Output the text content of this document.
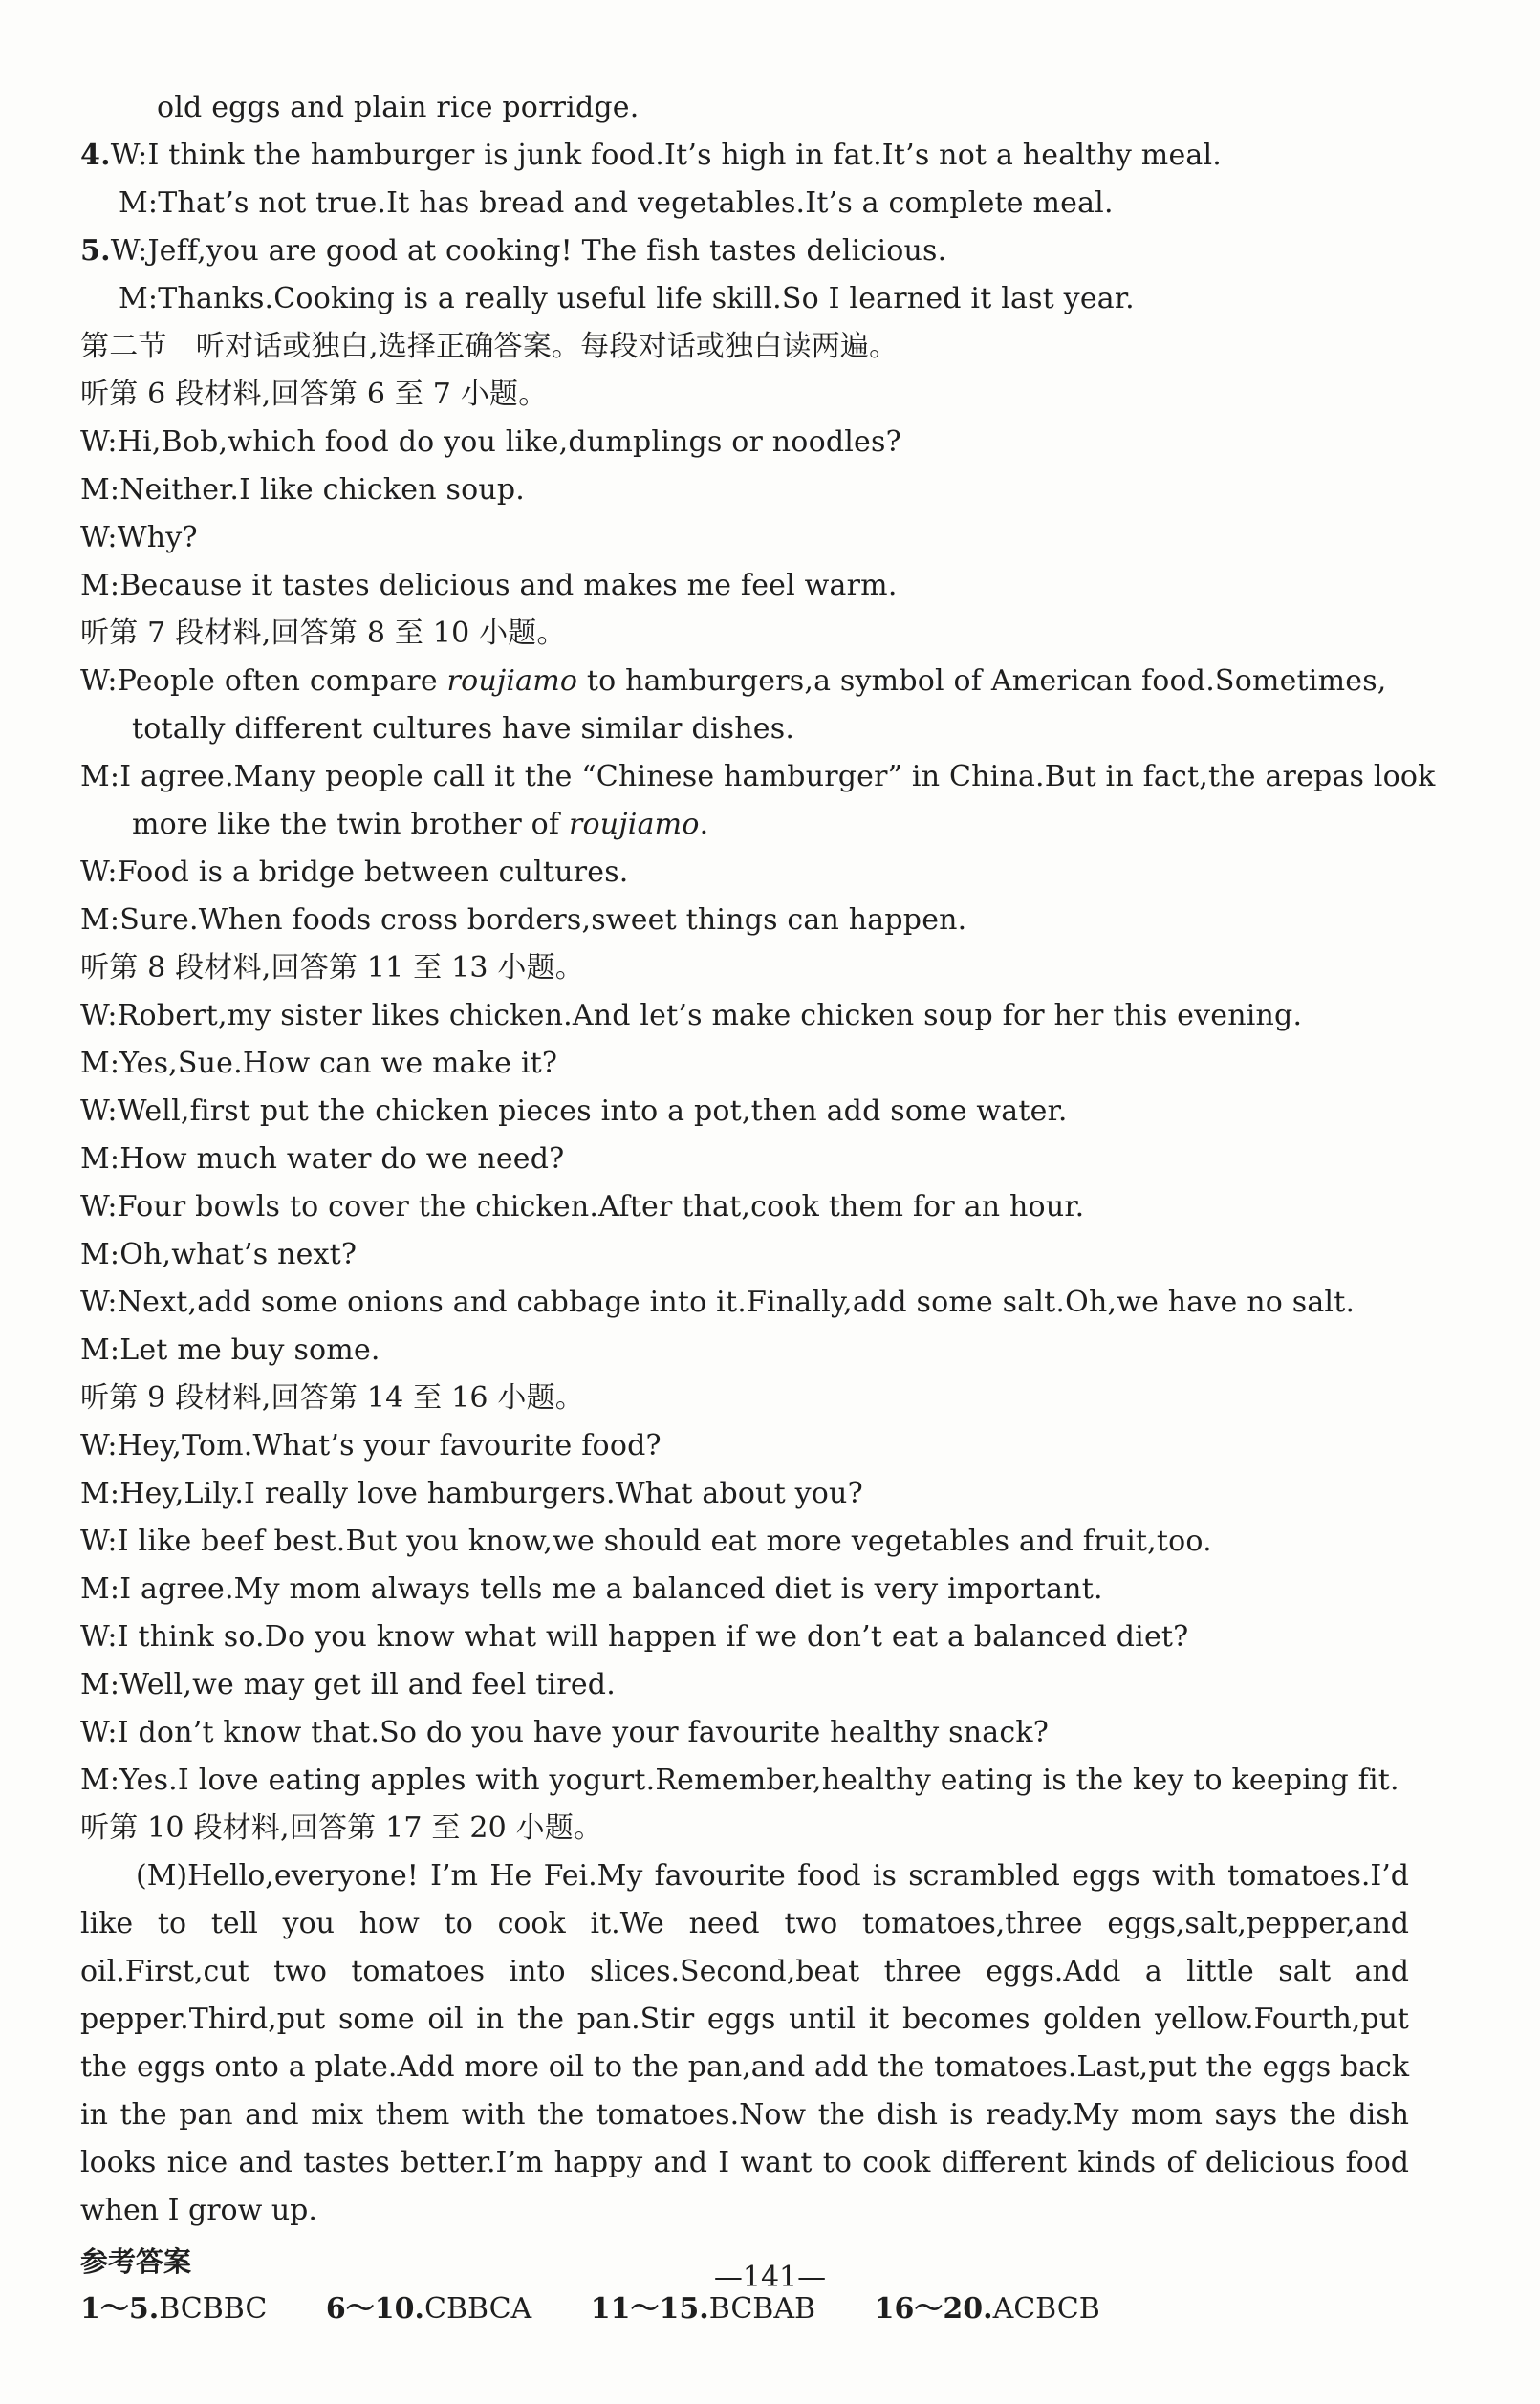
old eggs and plain rice porridge.
4.W:I think the hamburger is junk food.It’s high in fat.It’s not a healthy meal.
M:That’s not true.It has bread and vegetables.It’s a complete meal.
5.W:Jeff,you are good at cooking! The fish tastes delicious.
M:Thanks.Cooking is a really useful life skill.So I learned it last year.
第二节　听对话或独白,选择正确答案。每段对话或独白读两遍。
听第 6 段材料,回答第 6 至 7 小题。
W:Hi,Bob,which food do you like,dumplings or noodles?
M:Neither.I like chicken soup.
W:Why?
M:Because it tastes delicious and makes me feel warm.
听第 7 段材料,回答第 8 至 10 小题。
W:People often compare roujiamo to hamburgers,a symbol of American food.Sometimes,
totally different cultures have similar dishes.
M:I agree.Many people call it the “Chinese hamburger” in China.But in fact,the arepas look
more like the twin brother of roujiamo.
W:Food is a bridge between cultures.
M:Sure.When foods cross borders,sweet things can happen.
听第 8 段材料,回答第 11 至 13 小题。
W:Robert,my sister likes chicken.And let’s make chicken soup for her this evening.
M:Yes,Sue.How can we make it?
W:Well,first put the chicken pieces into a pot,then add some water.
M:How much water do we need?
W:Four bowls to cover the chicken.After that,cook them for an hour.
M:Oh,what’s next?
W:Next,add some onions and cabbage into it.Finally,add some salt.Oh,we have no salt.
M:Let me buy some.
听第 9 段材料,回答第 14 至 16 小题。
W:Hey,Tom.What’s your favourite food?
M:Hey,Lily.I really love hamburgers.What about you?
W:I like beef best.But you know,we should eat more vegetables and fruit,too.
M:I agree.My mom always tells me a balanced diet is very important.
W:I think so.Do you know what will happen if we don’t eat a balanced diet?
M:Well,we may get ill and feel tired.
W:I don’t know that.So do you have your favourite healthy snack?
M:Yes.I love eating apples with yogurt.Remember,healthy eating is the key to keeping fit.
听第 10 段材料,回答第 17 至 20 小题。

(M)Hello,everyone! I’m He Fei.My favourite food is scrambled eggs with tomatoes.I’d like to tell you how to cook it.We need two tomatoes,three eggs,salt,pepper,and oil.First,cut two tomatoes into slices.Second,beat three eggs.Add a little salt and pepper.Third,put some oil in the pan.Stir eggs until it becomes golden yellow.Fourth,put the eggs onto a plate.Add more oil to the pan,and add the tomatoes.Last,put the eggs back in the pan and mix them with the tomatoes.Now the dish is ready.My mom says the dish looks nice and tastes better.I’m happy and I want to cook different kinds of delicious food when I grow up.

参考答案
1～5.BCBBC 6～10.CBBCA 11～15.BCBAB 16～20.ACBCB
—141—
